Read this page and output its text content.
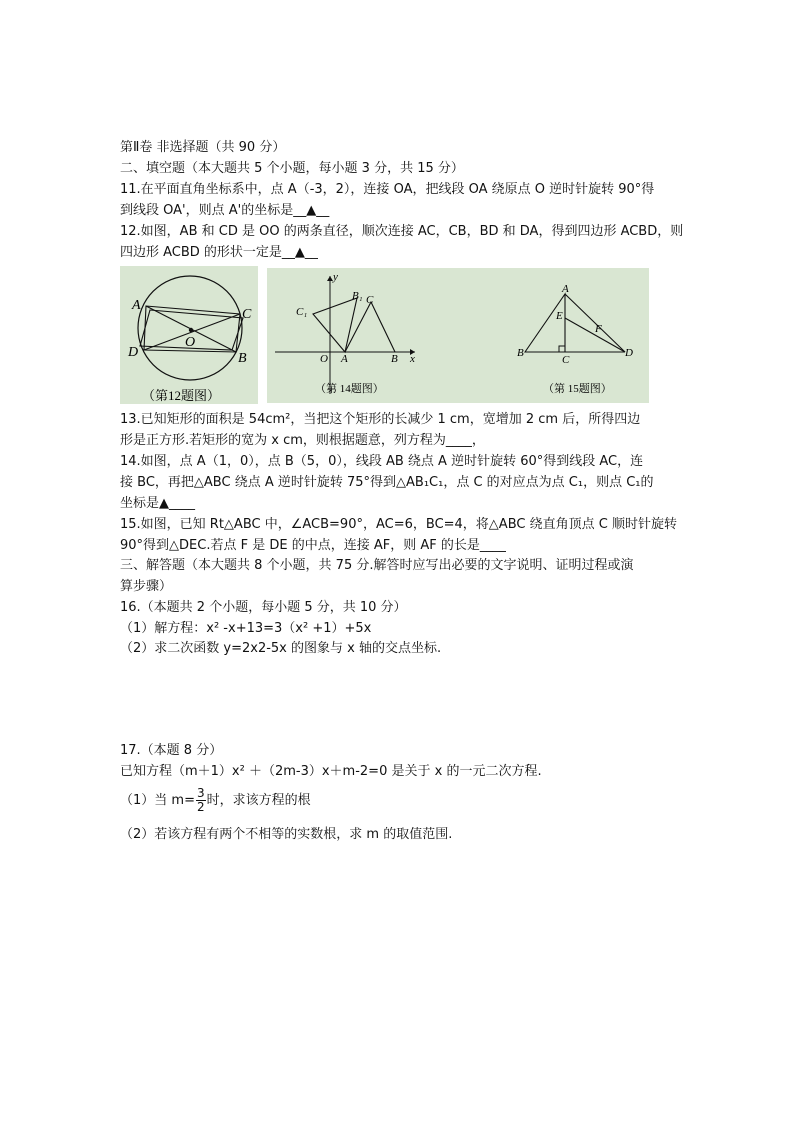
第Ⅱ卷 非选择题（共 90 分）
二、填空题（本大题共 5 个小题，每小题 3 分，共 15 分）
11.在平面直角坐标系中，点 A（-3，2），连接 OA，把线段 OA 绕原点 O 逆时针旋转 90°得
到线段 OA'，则点 A'的坐标是__▲__
12.如图，AB 和 CD 是 OO 的两条直径，顺次连接 AC，CB，BD 和 DA，得到四边形 ACBD，则
四边形 ACBD 的形状一定是__▲__
A
B
C
D
O
（第12题图）
y
x
O A	B
B₁ C
C₁
（第 14题图）
A
B
C
D
E
F
（第 15题图）
13.已知矩形的面积是 54cm²，当把这个矩形的长减少 1 cm，宽增加 2 cm 后，所得四边
形是正方形.若矩形的宽为 x cm，则根据题意，列方程为____，
14.如图，点 A（1，0），点 B（5，0），线段 AB 绕点 A 逆时针旋转 60°得到线段 AC，连
接 BC，再把△ABC 绕点 A 逆时针旋转 75°得到△AB₁C₁，点 C 的对应点为点 C₁，则点 C₁的
坐标是▲____
15.如图，已知 Rt△ABC 中，∠ACB=90°，AC=6，BC=4，将△ABC 绕直角顶点 C 顺时针旋转
90°得到△DEC.若点 F 是 DE 的中点，连接 AF，则 AF 的长是____
三、解答题（本大题共 8 个小题，共 75 分.解答时应写出必要的文字说明、证明过程或演
算步骤）
16.（本题共 2 个小题，每小题 5 分，共 10 分）
（1）解方程：x² -x+13=3（x² +1）+5x
（2）求二次函数 y=2x2-5x 的图象与 x 轴的交点坐标.
17.（本题 8 分）
已知方程（m＋1）x² ＋（2m-3）x＋m-2=0 是关于 x 的一元二次方程.
（1）当 $m= \frac{3}{2}$ 时，求该方程的根
（2）若该方程有两个不相等的实数根，求 m 的取值范围.
